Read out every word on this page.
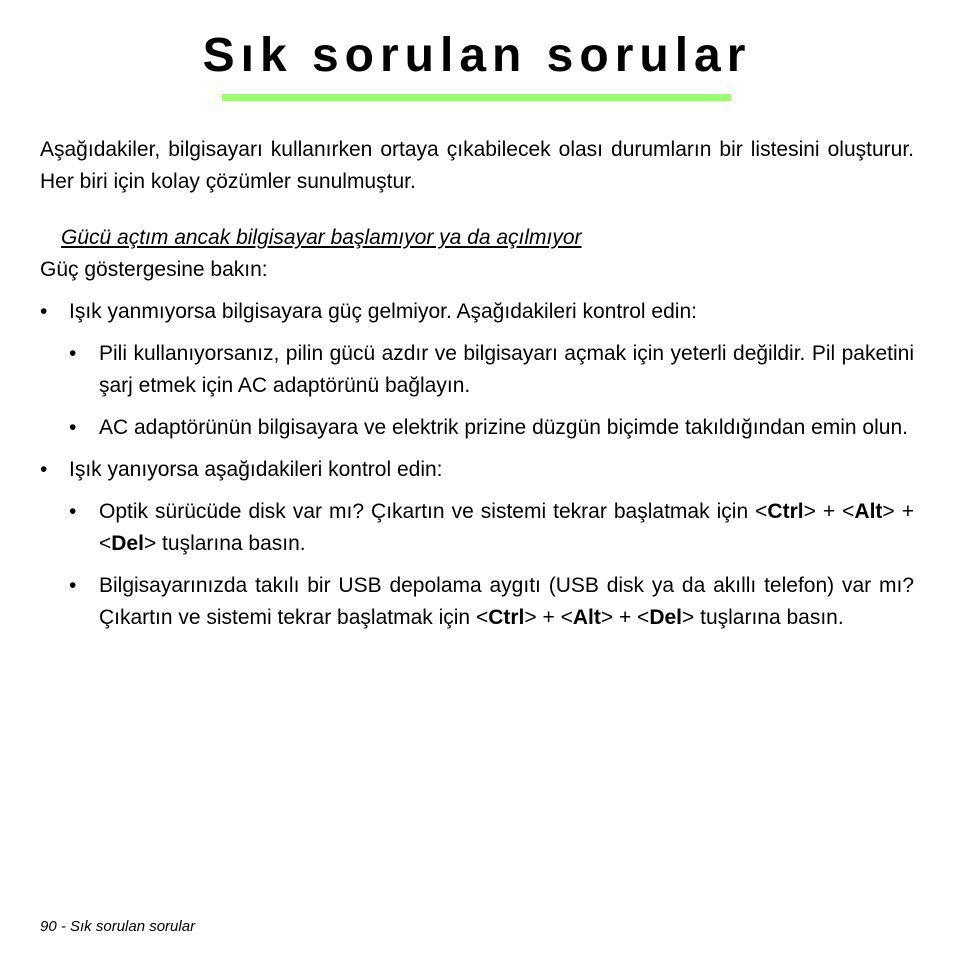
Sık sorulan sorular

Aşağıdakiler, bilgisayarı kullanırken ortaya çıkabilecek olası durumların bir listesini oluşturur. Her biri için kolay çözümler sunulmuştur.

Gücü açtım ancak bilgisayar başlamıyor ya da açılmıyor

Güç göstergesine bakın:

• Işık yanmıyorsa bilgisayara güç gelmiyor. Aşağıdakileri kontrol edin:
• Pili kullanıyorsanız, pilin gücü azdır ve bilgisayarı açmak için yeterli değildir. Pil paketini şarj etmek için AC adaptörünü bağlayın.
• AC adaptörünün bilgisayara ve elektrik prizine düzgün biçimde takıldığından emin olun.
• Işık yanıyorsa aşağıdakileri kontrol edin:
• Optik sürücüde disk var mı? Çıkartın ve sistemi tekrar başlatmak için <Ctrl> + <Alt> + <Del> tuşlarına basın.
• Bilgisayarınızda takılı bir USB depolama aygıtı (USB disk ya da akıllı telefon) var mı? Çıkartın ve sistemi tekrar başlatmak için <Ctrl> + <Alt> + <Del> tuşlarına basın.
90 - Sık sorulan sorular
